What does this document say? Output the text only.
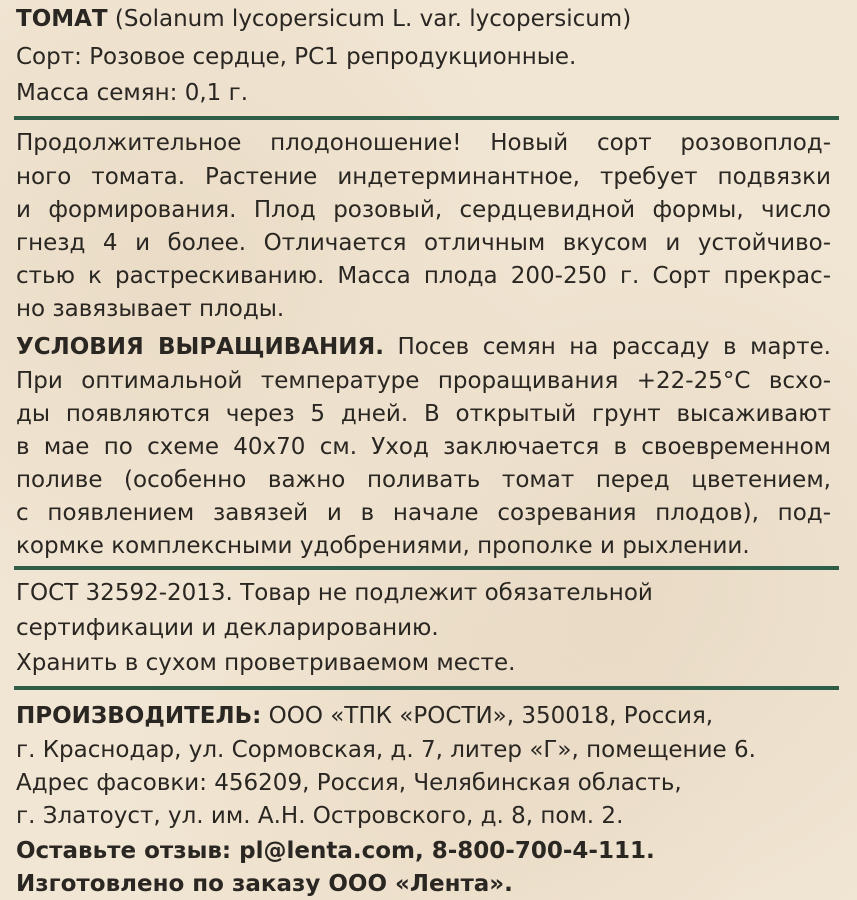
ТОМАТ (Solanum lycopersicum L. var. lycopersicum)
Сорт: Розовое сердце, РС1 репродукционные.
Масса семян: 0,1 г.
Продолжительное плодоношение! Новый сорт розовоплод-
ного томата. Растение индетерминантное, требует подвязки
и формирования. Плод розовый, сердцевидной формы, число
гнезд 4 и более. Отличается отличным вкусом и устойчиво-
стью к растрескиванию. Масса плода 200-250 г. Сорт прекрас-
но завязывает плоды.
УСЛОВИЯ ВЫРАЩИВАНИЯ. Посев семян на рассаду в марте.
При оптимальной температуре проращивания +22-25°С всхо-
ды появляются через 5 дней. В открытый грунт высаживают
в мае по схеме 40х70 см. Уход заключается в своевременном
поливе (особенно важно поливать томат перед цветением,
с появлением завязей и в начале созревания плодов), под-
кормке комплексными удобрениями, прополке и рыхлении.
ГОСТ 32592-2013. Товар не подлежит обязательной
сертификации и декларированию.
Хранить в сухом проветриваемом месте.
ПРОИЗВОДИТЕЛЬ: ООО «ТПК «РОСТИ», 350018, Россия,
г. Краснодар, ул. Сормовская, д. 7, литер «Г», помещение 6.
Адрес фасовки: 456209, Россия, Челябинская область,
г. Златоуст, ул. им. А.Н. Островского, д. 8, пом. 2.
Оставьте отзыв: pl@lenta.com, 8-800-700-4-111.
Изготовлено по заказу ООО «Лента».
